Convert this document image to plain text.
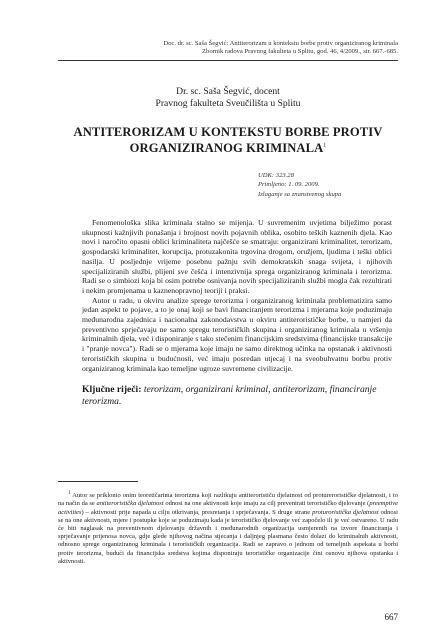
Doc. dr. sc. Saša Šegvić: Antiterorizam u kontekstu borbe protiv organiziranog kriminala
Zbornik radova Pravnog fakulteta u Splitu, god. 46, 4/2009., str. 667.-685.
Dr. sc. Saša Šegvić, docent
Pravnog fakulteta Sveučilišta u Splitu
ANTITERORIZAM U KONTEKSTU BORBE PROTIV
ORGANIZIRANOG KRIMINALA$^1$
UDK: 323.28
Primljeno: 1. 09. 2009.
Izlaganje sa znanstvenog skupa

Fenomenološka slika kriminala stalno se mijenja. U suvremenim uvjetima bilježimo porast ukupnosti kažnjivih ponašanja i brojnost novih pojavnih oblika, osobito teških kaznenih djela. Kao novi i naročito opasni oblici kriminaliteta najčešće se smatraju: organizirani kriminalitet, terorizam, gospodarski kriminalitet, korupcija, protuzakonita trgovina drogom, oružjem, ljudima i teški oblici nasilja. U posljednje vrijeme posebnu pažnju svih demokratskih snaga svijeta, i njihovih specijaliziranih službi, plijeni sve češća i intenzivnija sprega organiziranog kriminala i terorizma. Radi se o simbiozi koja bi osim potrebe osnivanja novih specijaliziranih službi mogla čak rezultirati i nekim promjenama u kaznenopravnoj teoriji i praksi.

Autor u radu, u okviru analize sprege terorizma i organiziranog kriminala problematizira samo jedan aspekt te pojave, a to je onaj koji se bavi financiranjem terorizma i mjerama koje poduzimaju međunarodna zajednica i nacionalna zakonodavstva u okviru antiterorističke borbe, u namjeri da preventivno sprječavaju ne samo spregu terorističkih skupina i organiziranog kriminala u vršenju kriminalnih djela, već i disponiranje s tako stečenim financijskim sredstvima (financijske transakcije i "pranje novca"). Radi se o mjerama koje imaju ne samo direktnog učinka na opstanak i aktivnosti terorističkih skupina u budućnosti, već imaju posredan utjecaj i na sveobuhvatnu borbu protiv organiziranog kriminala kao temeljne ugroze suvremene civilizacije.

Ključne riječi: terorizam, organizirani kriminal, antiterorizam, financiranje terorizma.

$^1$ Autor se priklonio onim teoretičarima terorizma koji razlikuju antiterorističu djelatnost od proturerorističke djelatnosti, i to na način da se antiteroristička djelatnost odnosi na one aktivnosti koje imaju za cilj prevenirati terorističko djelovanje (preemptive activities) – aktivnosti prije napada u cilju otkrivanja, presretanja i sprječavanja. S druge strane proturoristička djelatnost odnosi se na one aktivnosti, mjere i postupke koje se poduzimaju kada je terorističko djelovanje već započelo ili je već ostvareno. U radu će biti naglasak na preventivnom djelovanju državnih i međunarodnih organizacija usmjerenih na izvore financiranja i sprječavanje prijenosa novca, gdje glede njihovog načina stjecanja i daljnjeg plasmana često dolazi do kriminalnih aktivnosti, odnosno sprege organiziranog kriminala i terorističkih organizacija. Radi se zapravo o jednom od temeljnih aspekata u borbi protiv terorizma, budući da financijska sredstva kojima disponiraju terorističke organizacije čini osnovu njihova opstanka i aktivnosti.

667
